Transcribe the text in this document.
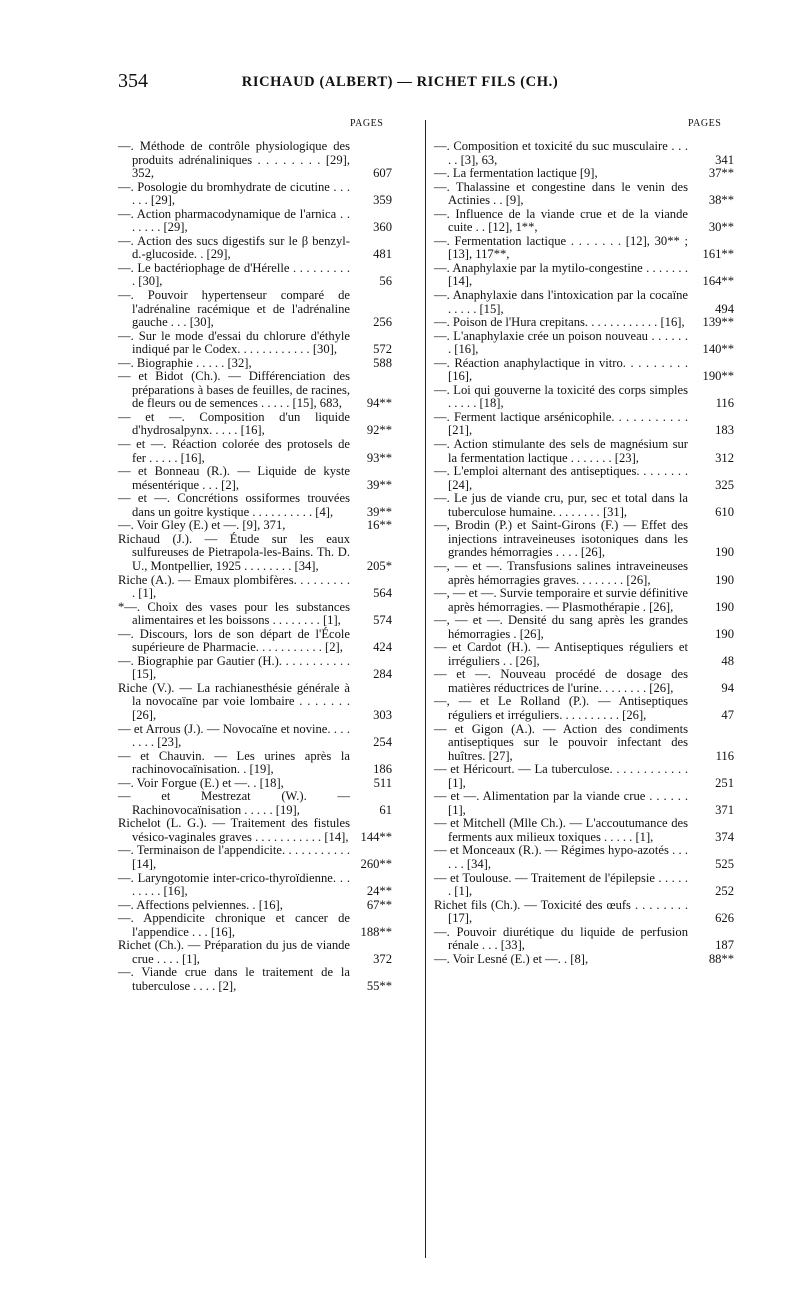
354	RICHAUD (ALBERT) — RICHET FILS (CH.)
PAGES
—. Méthode de contrôle physiologique des produits adrénaliniques . . . . . . . . [29], 352,	607
—. Posologie du bromhydrate de cicutine . . . . . . [29],	359
—. Action pharmacodynamique de l'arnica . . . . . . . [29],	360
—. Action des sucs digestifs sur le β benzyl-d.-glucoside. . [29],	481
—. Le bactériophage de d'Hérelle . . . . . . . . . . [30],	56
—. Pouvoir hypertenseur comparé de l'adrénaline racémique et de l'adrénaline gauche . . . [30],	256
—. Sur le mode d'essai du chlorure d'éthyle indiqué par le Codex. . . . . . . . . . . . [30],	572
—. Biographie . . . . . [32],	588
— et Bidot (Ch.). — Différenciation des préparations à bases de feuilles, de racines, de fleurs ou de semences . . . . . [15], 683,	94**
— et —. Composition d'un liquide d'hydrosalpynx. . . . . [16],	92**
— et —. Réaction colorée des protosels de fer . . . . . [16],	93**
— et Bonneau (R.). — Liquide de kyste mésentérique . . . [2],	39**
— et —. Concrétions ossiformes trouvées dans un goitre kystique . . . . . . . . . . [4],	39**
—. Voir Gley (E.) et —. [9], 371,	16**
Richaud (J.). — Étude sur les eaux sulfureuses de Pietrapola-les-Bains. Th. D. U., Montpellier, 1925 . . . . . . . . [34],	205*
Riche (A.). — Emaux plombifères. . . . . . . . . . [1],	564
*—. Choix des vases pour les substances alimentaires et les boissons . . . . . . . . [1],	574
—. Discours, lors de son départ de l'École supérieure de Pharmacie. . . . . . . . . . . [2],	424
—. Biographie par Gautier (H.). . . . . . . . . . . [15],	284
Riche (V.). — La rachianesthésie générale à la novocaïne par voie lombaire . . . . . . . [26],	303
— et Arrous (J.). — Novocaïne et novine. . . . . . . . [23],	254
— et Chauvin. — Les urines après la rachinovocaïnisation. . [19],	186
—. Voir Forgue (E.) et —. . [18],	511
— et Mestrezat (W.). — Rachinovocaïnisation . . . . . [19],	61
Richelot (L. G.). — Traitement des fistules vésico-vaginales graves . . . . . . . . . . . [14], 144**
—. Terminaison de l'appendicite. . . . . . . . . . . [14],	260**
—. Laryngotomie inter-crico-thyroïdienne. . . . . . . . [16],	24**
—. Affections pelviennes. . [16],	67**
—. Appendicite chronique et cancer de l'appendice . . . [16],	188**
Richet (Ch.). — Préparation du jus de viande crue . . . . [1],	372
—. Viande crue dans le traitement de la tuberculose . . . . [2],	55**
PAGES
—. Composition et toxicité du suc musculaire . . . . . [3], 63,	341
—. La fermentation lactique [9],	37**
—. Thalassine et congestine dans le venin des Actinies . . [9],	38**
—. Influence de la viande crue et de la viande cuite . . [12], 1**,	30**
—. Fermentation lactique . . . . . . . [12], 30** ; [13], 117**,	161**
—. Anaphylaxie par la mytilo-congestine . . . . . . . [14],	164**
—. Anaphylaxie dans l'intoxication par la cocaïne . . . . . [15],	494
—. Poison de l'Hura crepitans. . . . . . . . . . . . [16],	139**
—. L'anaphylaxie crée un poison nouveau . . . . . . . [16],	140**
—. Réaction anaphylactique in vitro. . . . . . . . . [16],	190**
—. Loi qui gouverne la toxicité des corps simples . . . . . [18],	116
—. Ferment lactique arsénicophile. . . . . . . . . . . [21],	183
—. Action stimulante des sels de magnésium sur la fermentation lactique . . . . . . . [23],	312
—. L'emploi alternant des antiseptiques. . . . . . . . [24],	325
—. Le jus de viande cru, pur, sec et total dans la tuberculose humaine. . . . . . . . [31],	610
—, Brodin (P.) et Saint-Girons (F.) — Effet des injections intraveineuses isotoniques dans les grandes hémorragies . . . . [26],	190
—, — et —. Transfusions salines intraveineuses après hémorragies graves. . . . . . . . [26],	190
—, — et —. Survie temporaire et survie définitive après hémorragies. — Plasmothérapie . [26],	190
—, — et —. Densité du sang après les grandes hémorragies . [26],	190
— et Cardot (H.). — Antiseptiques réguliers et irréguliers . . [26],	48
— et —. Nouveau procédé de dosage des matières réductrices de l'urine. . . . . . . . [26],	94
—, — et Le Rolland (P.). — Antiseptiques réguliers et irréguliers. . . . . . . . . . [26],	47
— et Gigon (A.). — Action des condiments antiseptiques sur le pouvoir infectant des huîtres. [27],	116
— et Héricourt. — La tuberculose. . . . . . . . . . . . [1],	251
— et —. Alimentation par la viande crue . . . . . . [1],	371
— et Mitchell (Mlle Ch.). — L'accoutumance des ferments aux milieux toxiques . . . . . [1],	374
— et Monceaux (R.). — Régimes hypo-azotés . . . . . . [34],	525
— et Toulouse. — Traitement de l'épilepsie . . . . . . [1],	252
Richet fils (Ch.). — Toxicité des œufs . . . . . . . . [17],	626
—. Pouvoir diurétique du liquide de perfusion rénale . . . [33],	187
—. Voir Lesné (E.) et —. . [8],	88**
